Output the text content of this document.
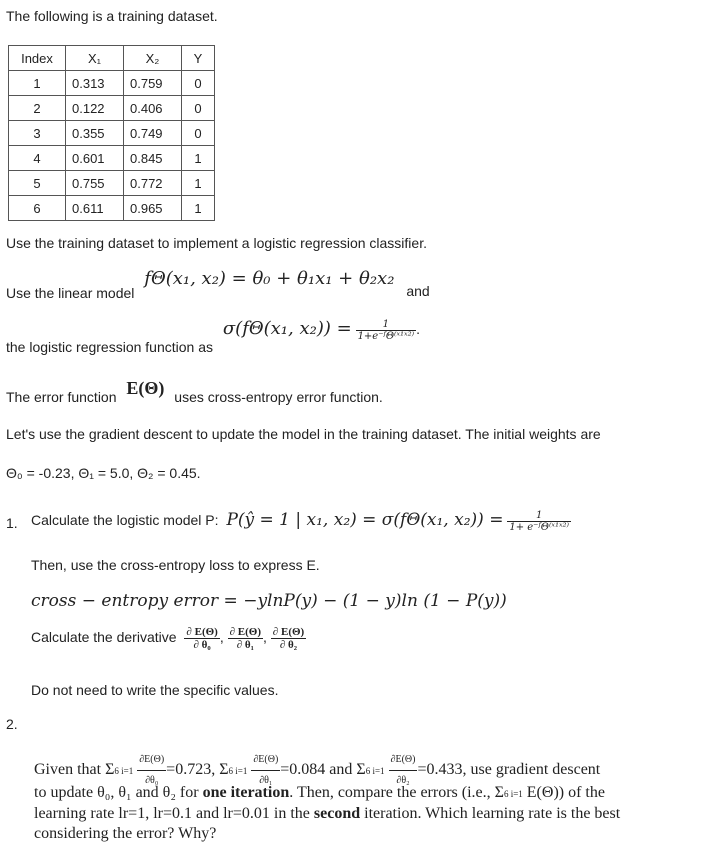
The following is a training dataset.
Index	X₁	X₂	Y
1	0.313	0.759	0
2	0.122	0.406	0
3	0.355	0.749	0
4	0.601	0.845	1
5	0.755	0.772	1
6	0.611	0.965	1
Use the training dataset to implement a logistic regression classifier.
Use the linear model fΘ(x₁, x₂) = θ₀ + θ₁x₁ + θ₂x₂ and
the logistic regression function as σ(fΘ(x₁, $x_2)) = \frac{1}{\text{1+e⁻ᶠΘ⁽ˣ¹ˣ²⁾}}$ .
The error function E(Θ) uses cross-entropy error function.
Let's use the gradient descent to update the model in the training dataset. The initial weights are
Θ₀ = -0.23, Θ₁ = 5.0, Θ₂ = 0.45.
1. Calculate the logistic model P: P(ŷ = 1 | x₁, x₂) = σ(fΘ(x₁, $x_2)) = \frac{1}{\text{1+ e⁻ᶠΘ⁽ˣ¹ˣ²⁾}}$
Then, use the cross-entropy loss to express E.
cross − entropy error = −ylnP(y) − (1 − y)ln (1 − P(y))
Calculate the derivative $\frac{\partial E(\Theta)}{\text{∂ θ₀}}$ , $\frac{\partial E(\Theta)}{\text{∂ θ₁}}$ , $\frac{\partial E(\Theta)}{\text{∂ θ₂}}$
Do not need to write the specific values.
2.
Given that Σ6 $i=1 \frac{\partial E(\Theta)}{\text{∂θ₀}} =0.723$, Σ6 $i=1 \frac{\partial E(\Theta)}{\text{∂θ₁}} =0.084$ and Σ6 $i=1 \frac{\partial E(\Theta)}{\text{∂θ₂}} =0.433$, use gradient descent
to update θ₀, θ₁ and θ₂ for one iteration. Then, compare the errors (i.e., Σ6 i=1 E(Θ)) of the
learning rate lr=1, lr=0.1 and lr=0.01 in the second iteration. Which learning rate is the best
considering the error? Why?
